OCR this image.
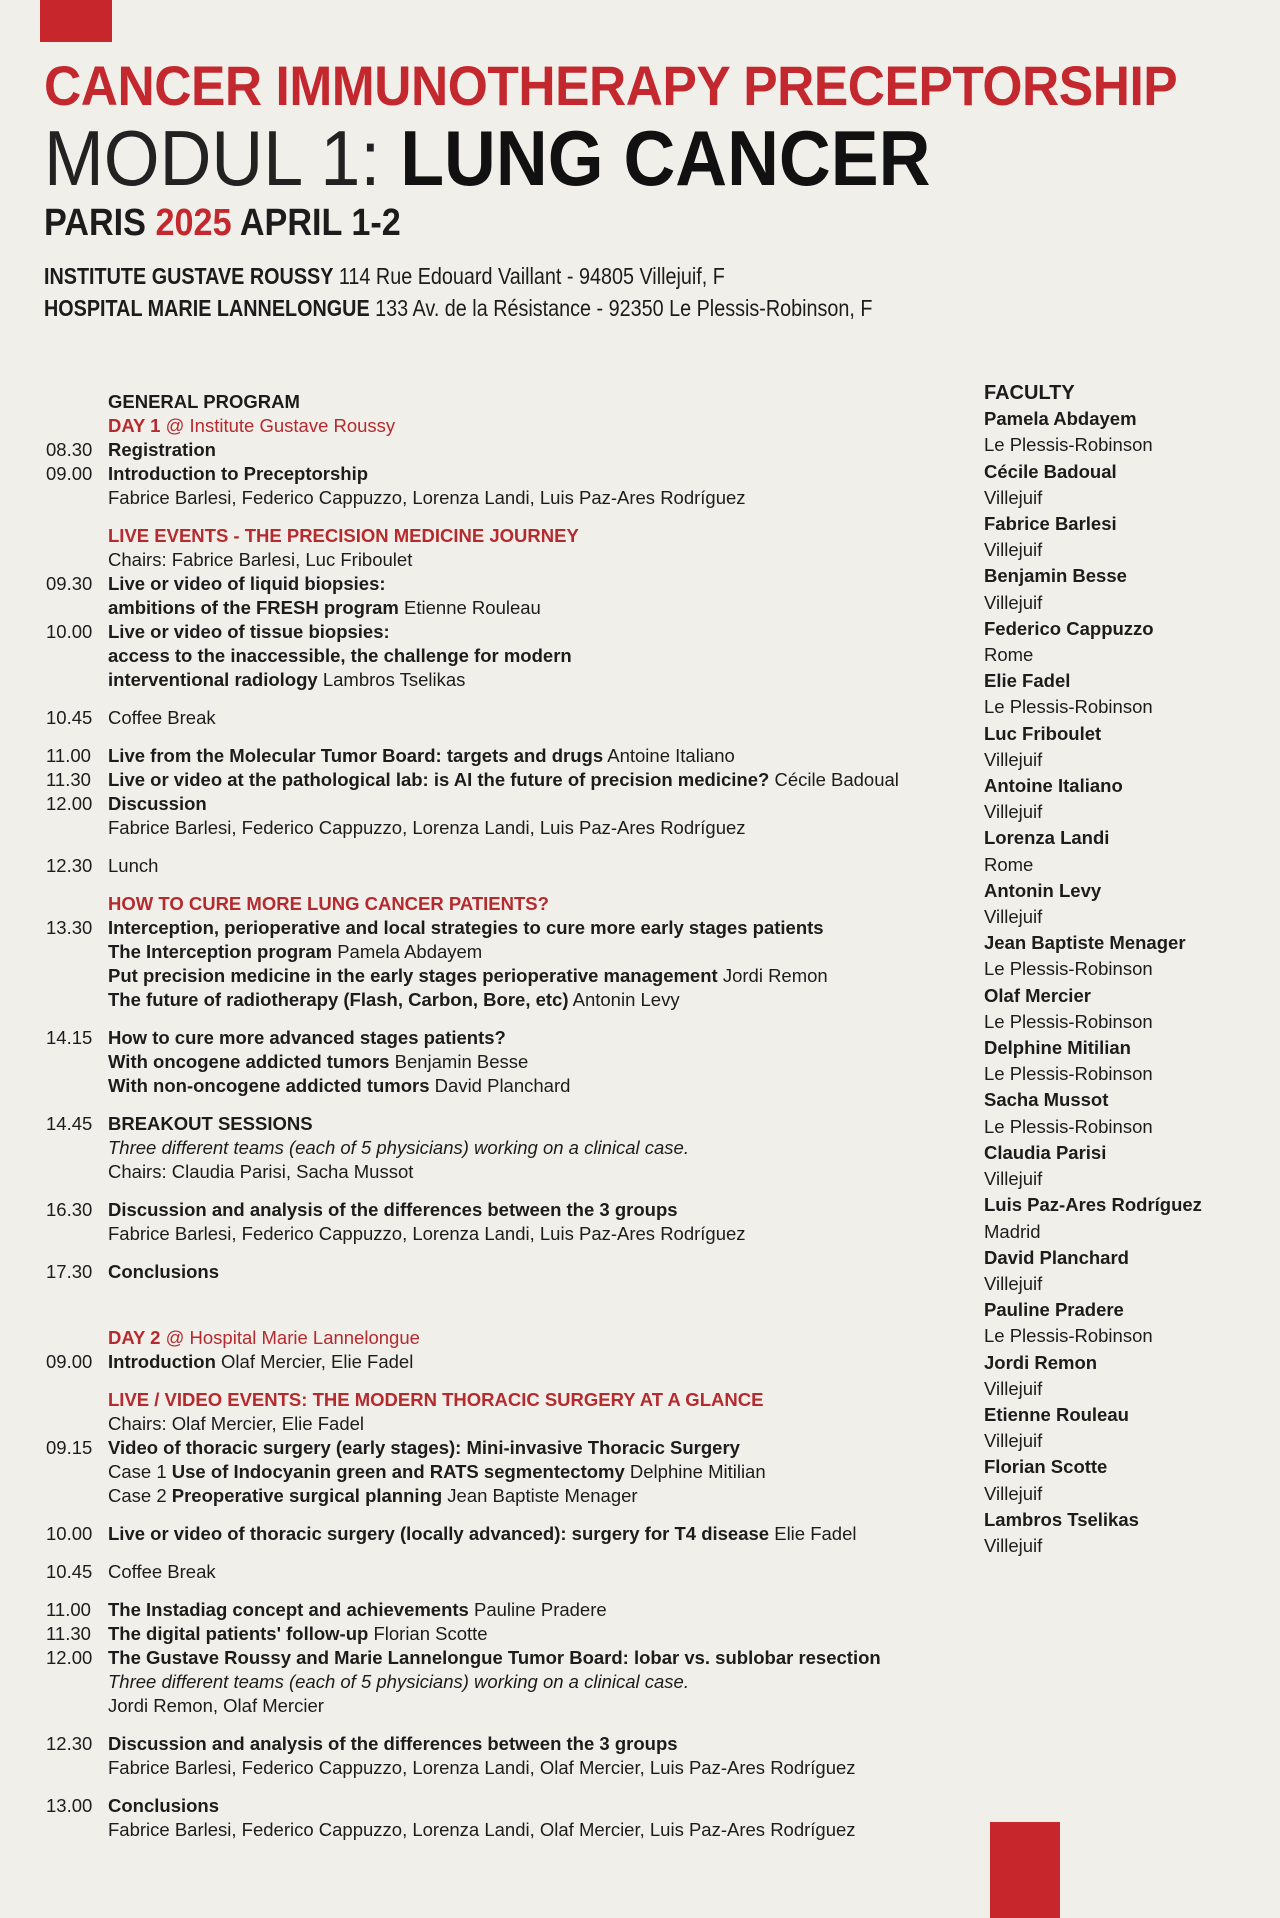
CANCER IMMUNOTHERAPY PRECEPTORSHIP
MODUL 1: LUNG CANCER
PARIS 2025 APRIL 1-2
INSTITUTE GUSTAVE ROUSSY 114 Rue Edouard Vaillant - 94805 Villejuif, F
HOSPITAL MARIE LANNELONGUE 133 Av. de la Résistance - 92350 Le Plessis-Robinson, F
GENERAL PROGRAM
DAY 1 @ Institute Gustave Roussy
08.30 Registration
09.00 Introduction to Preceptorship
Fabrice Barlesi, Federico Cappuzzo, Lorenza Landi, Luis Paz-Ares Rodríguez
LIVE EVENTS - THE PRECISION MEDICINE JOURNEY
Chairs: Fabrice Barlesi, Luc Friboulet
09.30 Live or video of liquid biopsies:
ambitions of the FRESH program Etienne Rouleau
10.00 Live or video of tissue biopsies:
access to the inaccessible, the challenge for modern
interventional radiology Lambros Tselikas
10.45 Coffee Break
11.00 Live from the Molecular Tumor Board: targets and drugs Antoine Italiano
11.30 Live or video at the pathological lab: is AI the future of precision medicine? Cécile Badoual
12.00 Discussion
Fabrice Barlesi, Federico Cappuzzo, Lorenza Landi, Luis Paz-Ares Rodríguez
12.30 Lunch
HOW TO CURE MORE LUNG CANCER PATIENTS?
13.30 Interception, perioperative and local strategies to cure more early stages patients
The Interception program Pamela Abdayem
Put precision medicine in the early stages perioperative management Jordi Remon
The future of radiotherapy (Flash, Carbon, Bore, etc) Antonin Levy
14.15 How to cure more advanced stages patients?
With oncogene addicted tumors Benjamin Besse
With non-oncogene addicted tumors David Planchard
14.45 BREAKOUT SESSIONS
Three different teams (each of 5 physicians) working on a clinical case.
Chairs: Claudia Parisi, Sacha Mussot
16.30 Discussion and analysis of the differences between the 3 groups
Fabrice Barlesi, Federico Cappuzzo, Lorenza Landi, Luis Paz-Ares Rodríguez
17.30 Conclusions
DAY 2 @ Hospital Marie Lannelongue
09.00 Introduction Olaf Mercier, Elie Fadel
LIVE / VIDEO EVENTS: THE MODERN THORACIC SURGERY AT A GLANCE
Chairs: Olaf Mercier, Elie Fadel
09.15 Video of thoracic surgery (early stages): Mini-invasive Thoracic Surgery
Case 1 Use of Indocyanin green and RATS segmentectomy Delphine Mitilian
Case 2 Preoperative surgical planning Jean Baptiste Menager
10.00 Live or video of thoracic surgery (locally advanced): surgery for T4 disease Elie Fadel
10.45 Coffee Break
11.00 The Instadiag concept and achievements Pauline Pradere
11.30 The digital patients' follow-up Florian Scotte
12.00 The Gustave Roussy and Marie Lannelongue Tumor Board: lobar vs. sublobar resection
Three different teams (each of 5 physicians) working on a clinical case.
Jordi Remon, Olaf Mercier
12.30 Discussion and analysis of the differences between the 3 groups
Fabrice Barlesi, Federico Cappuzzo, Lorenza Landi, Olaf Mercier, Luis Paz-Ares Rodríguez
13.00 Conclusions
Fabrice Barlesi, Federico Cappuzzo, Lorenza Landi, Olaf Mercier, Luis Paz-Ares Rodríguez
FACULTY
Pamela Abdayem
Le Plessis-Robinson
Cécile Badoual
Villejuif
Fabrice Barlesi
Villejuif
Benjamin Besse
Villejuif
Federico Cappuzzo
Rome
Elie Fadel
Le Plessis-Robinson
Luc Friboulet
Villejuif
Antoine Italiano
Villejuif
Lorenza Landi
Rome
Antonin Levy
Villejuif
Jean Baptiste Menager
Le Plessis-Robinson
Olaf Mercier
Le Plessis-Robinson
Delphine Mitilian
Le Plessis-Robinson
Sacha Mussot
Le Plessis-Robinson
Claudia Parisi
Villejuif
Luis Paz-Ares Rodríguez
Madrid
David Planchard
Villejuif
Pauline Pradere
Le Plessis-Robinson
Jordi Remon
Villejuif
Etienne Rouleau
Villejuif
Florian Scotte
Villejuif
Lambros Tselikas
Villejuif
